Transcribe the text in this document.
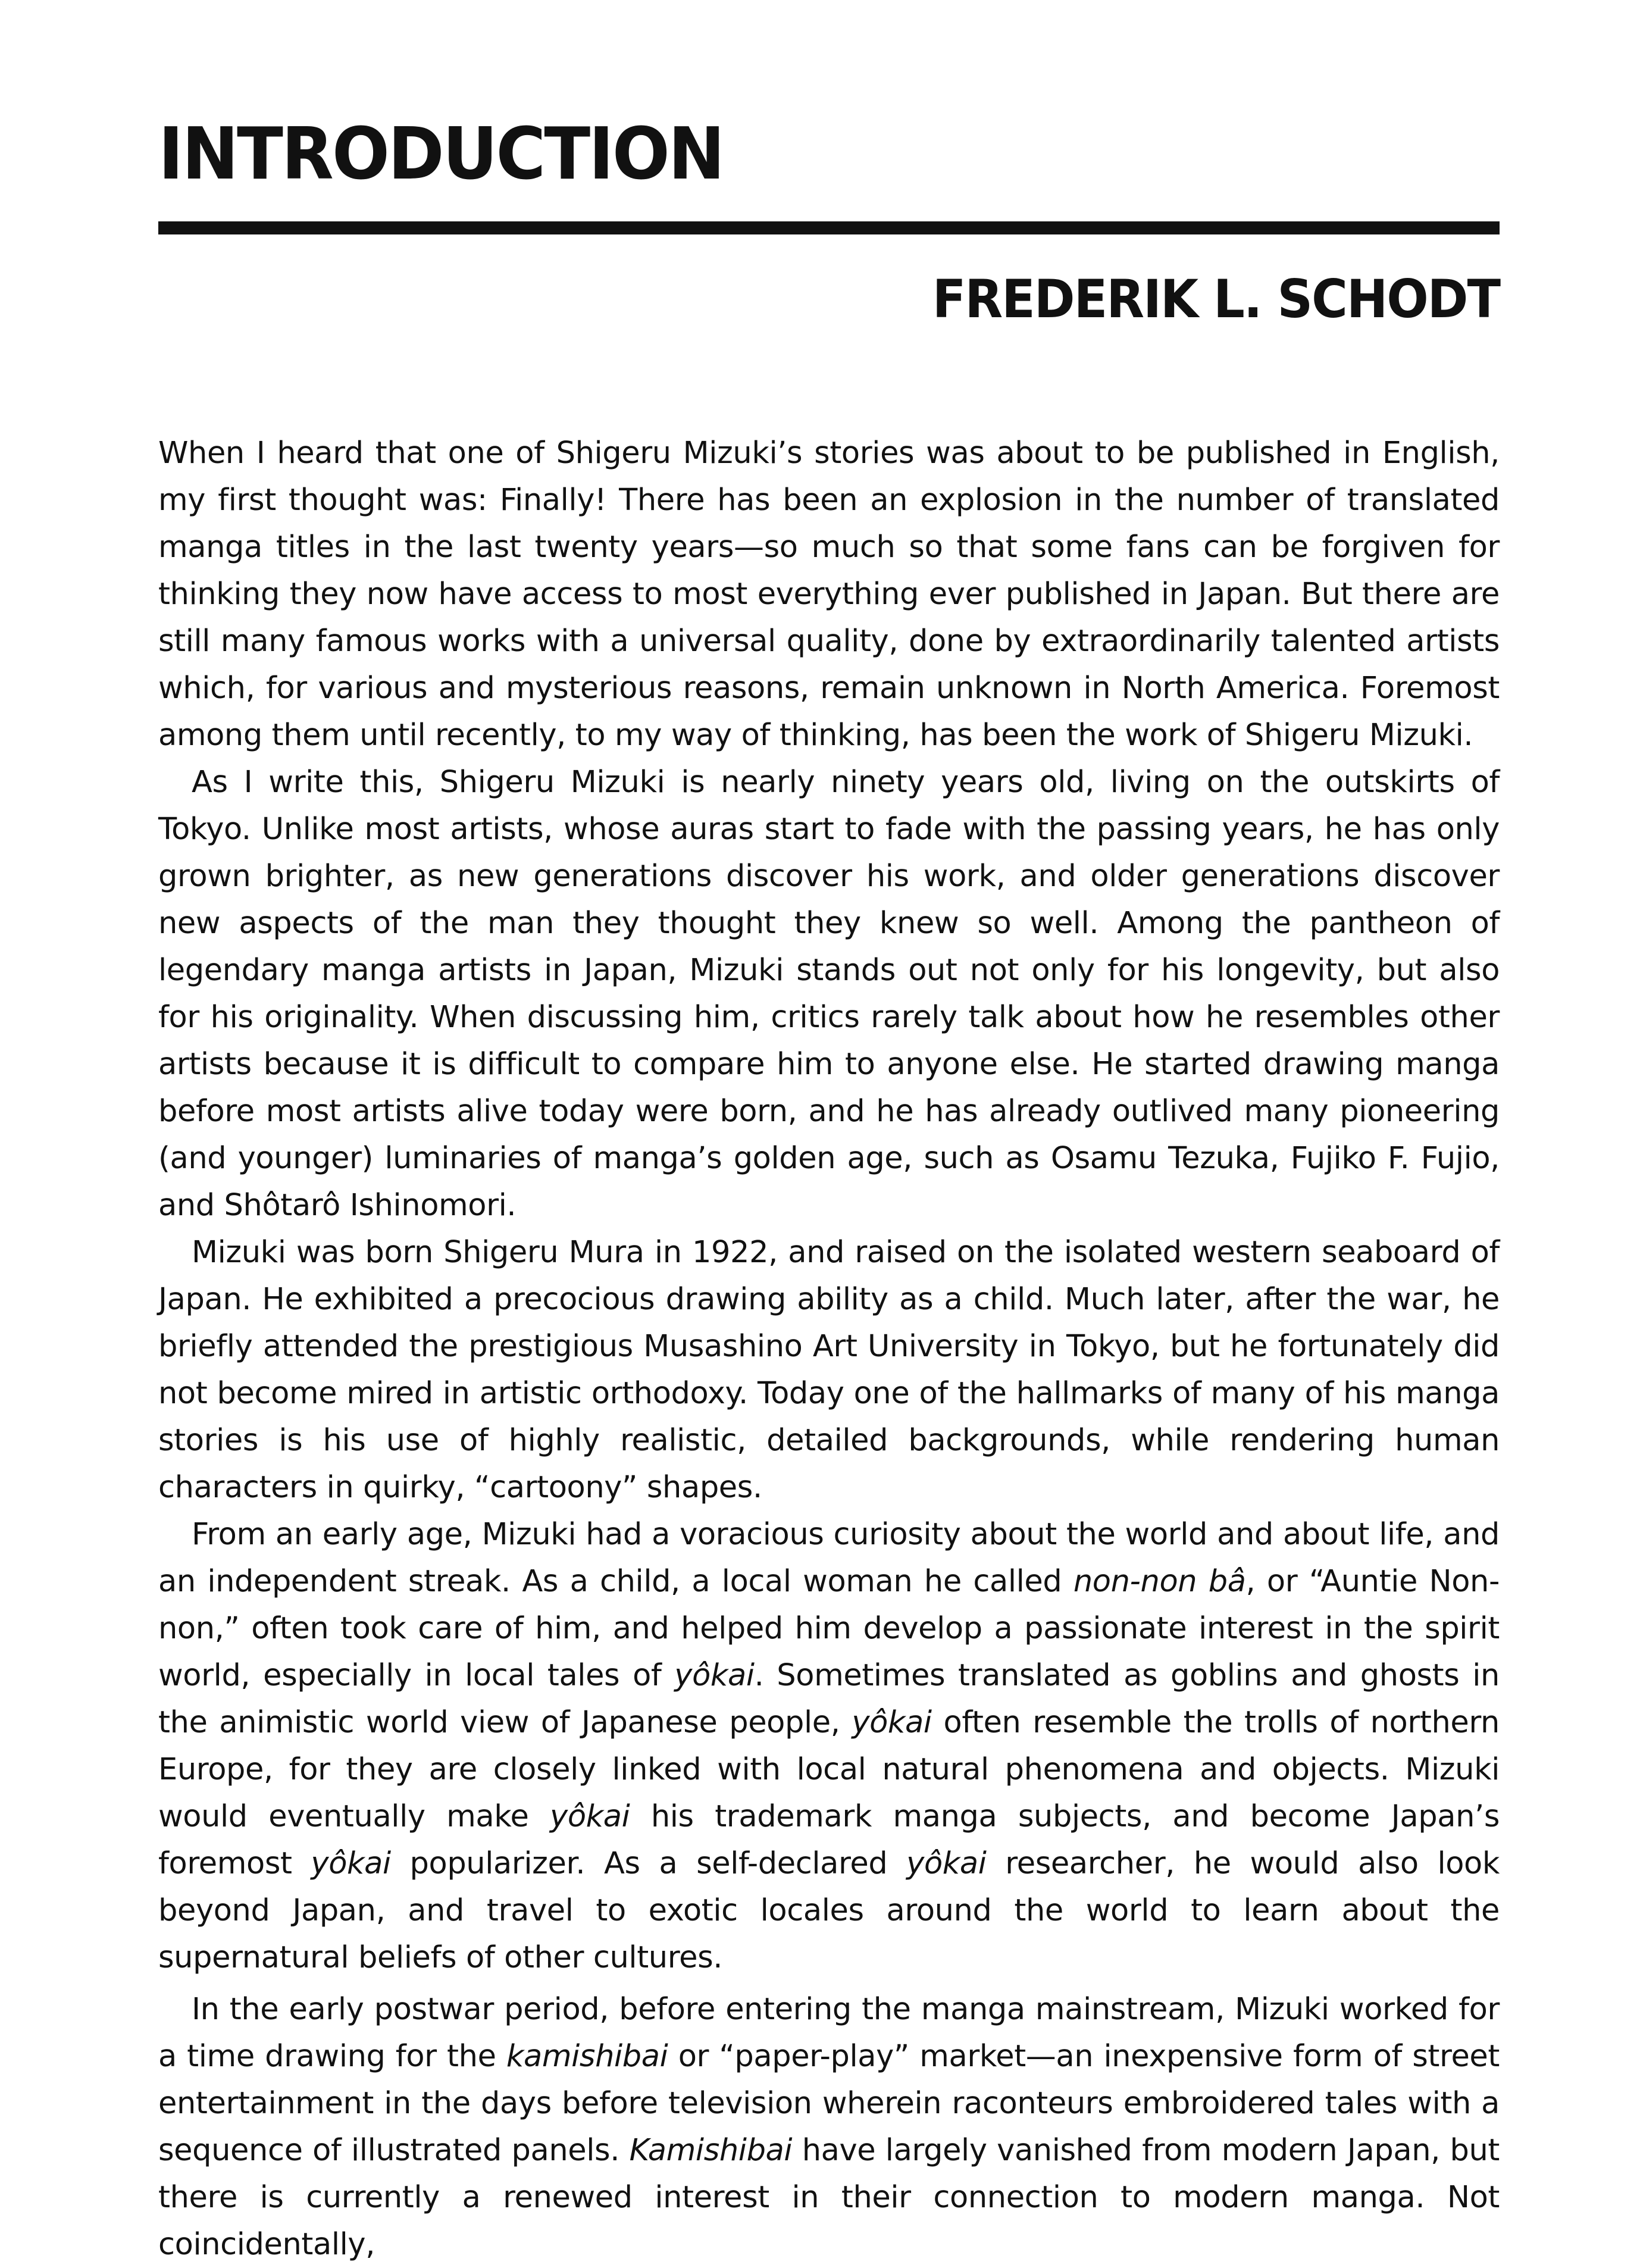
INTRODUCTION
FREDERIK L. SCHODT

When I heard that one of Shigeru Mizuki’s stories was about to be published in English, my first thought was: Finally! There has been an explosion in the number of translated manga titles in the last twenty years—so much so that some fans can be forgiven for thinking they now have access to most everything ever published in Japan. But there are still many famous works with a universal quality, done by extraordinarily talented artists which, for various and mysterious reasons, remain unknown in North America. Foremost among them until recently, to my way of thinking, has been the work of Shigeru Mizuki.

As I write this, Shigeru Mizuki is nearly ninety years old, living on the outskirts of Tokyo. Unlike most artists, whose auras start to fade with the passing years, he has only grown brighter, as new generations discover his work, and older generations discover new aspects of the man they thought they knew so well. Among the pantheon of legendary manga artists in Japan, Mizuki stands out not only for his longevity, but also for his originality. When discussing him, critics rarely talk about how he resembles other artists because it is difficult to compare him to anyone else. He started drawing manga before most artists alive today were born, and he has already outlived many pioneering (and younger) luminaries of manga’s golden age, such as Osamu Tezuka, Fujiko F. Fujio, and Shôtarô Ishinomori.

Mizuki was born Shigeru Mura in 1922, and raised on the isolated western seaboard of Japan. He exhibited a precocious drawing ability as a child. Much later, after the war, he briefly attended the prestigious Musashino Art University in Tokyo, but he fortunately did not become mired in artistic orthodoxy. Today one of the hallmarks of many of his manga stories is his use of highly realistic, detailed backgrounds, while rendering human characters in quirky, “cartoony” shapes.

From an early age, Mizuki had a voracious curiosity about the world and about life, and an independent streak. As a child, a local woman he called non-non bâ, or “Auntie Non-non,” often took care of him, and helped him develop a passionate interest in the spirit world, especially in local tales of yôkai. Sometimes translated as goblins and ghosts in the animistic world view of Japanese people, yôkai often resemble the trolls of northern Europe, for they are closely linked with local natural phenomena and objects. Mizuki would eventually make yôkai his trademark manga subjects, and become Japan’s foremost yôkai popularizer. As a self-declared yôkai researcher, he would also look beyond Japan, and travel to exotic locales around the world to learn about the supernatural beliefs of other cultures.

In the early postwar period, before entering the manga mainstream, Mizuki worked for a time drawing for the kamishibai or “paper-play” market—an inexpensive form of street entertainment in the days before television wherein raconteurs embroidered tales with a sequence of illustrated panels. Kamishibai have largely vanished from modern Japan, but there is currently a renewed interest in their connection to modern manga. Not coincidentally,
